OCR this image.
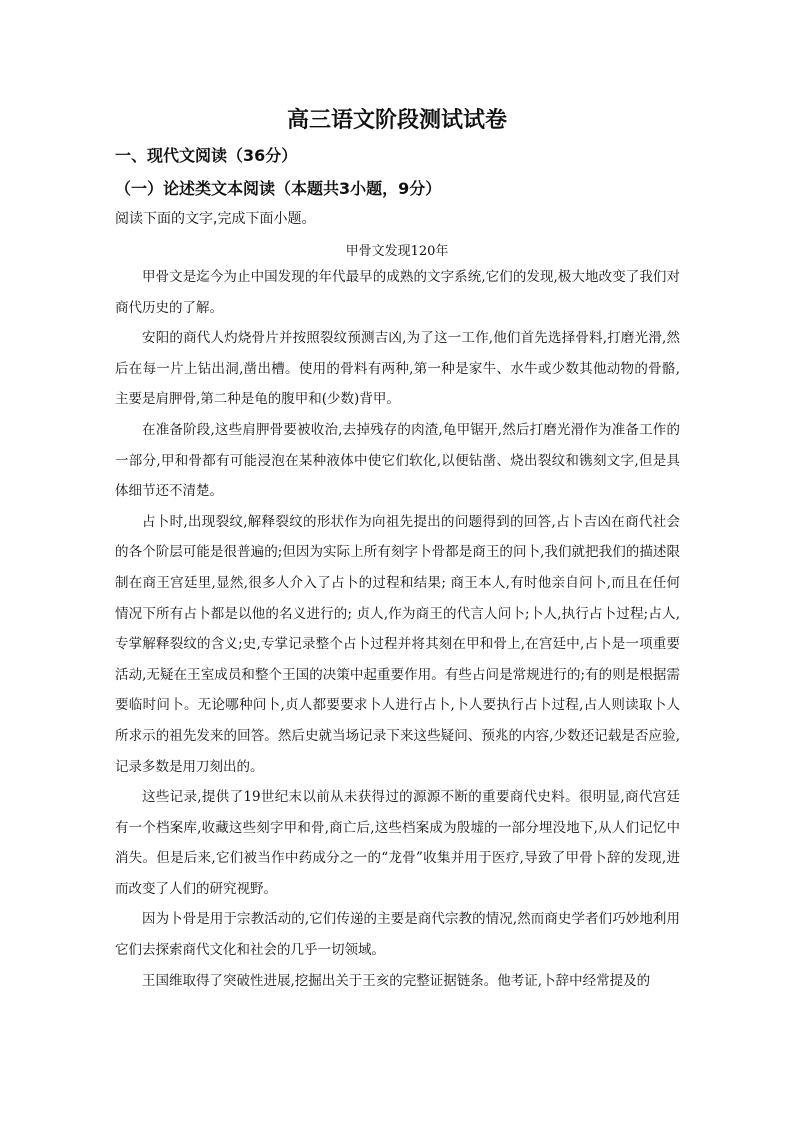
高三语文阶段测试试卷
一、现代文阅读（36分）
（一）论述类文本阅读（本题共3小题，9分）
阅读下面的文字,完成下面小题。
甲骨文发现120年

甲骨文是迄今为止中国发现的年代最早的成熟的文字系统,它们的发现,极大地改变了我们对商代历史的了解。

安阳的商代人灼烧骨片并按照裂纹预测吉凶,为了这一工作,他们首先选择骨料,打磨光滑,然后在每一片上钻出洞,凿出槽。使用的骨料有两种,第一种是家牛、水牛或少数其他动物的骨骼,主要是肩胛骨,第二种是龟的腹甲和(少数)背甲。

在准备阶段,这些肩胛骨要被收治,去掉残存的肉渣,龟甲锯开,然后打磨光滑作为准备工作的一部分,甲和骨都有可能浸泡在某种液体中使它们软化,以便钻凿、烧出裂纹和镌刻文字,但是具体细节还不清楚。

占卜时,出现裂纹,解释裂纹的形状作为向祖先提出的问题得到的回答,占卜吉凶在商代社会的各个阶层可能是很普遍的;但因为实际上所有刻字卜骨都是商王的问卜,我们就把我们的描述限制在商王宫廷里,显然,很多人介入了占卜的过程和结果; 商王本人,有时他亲自问卜,而且在任何情况下所有占卜都是以他的名义进行的; 贞人,作为商王的代言人问卜;卜人,执行占卜过程;占人,专掌解释裂纹的含义;史,专掌记录整个占卜过程并将其刻在甲和骨上,在宫廷中,占卜是一项重要活动,无疑在王室成员和整个王国的决策中起重要作用。有些占问是常规进行的;有的则是根据需要临时问卜。无论哪种问卜,贞人都要要求卜人进行占卜,卜人要执行占卜过程,占人则读取卜人所求示的祖先发来的回答。然后史就当场记录下来这些疑问、预兆的内容,少数还记载是否应验,记录多数是用刀刻出的。

这些记录,提供了19世纪末以前从未获得过的源源不断的重要商代史料。很明显,商代宫廷有一个档案库,收藏这些刻字甲和骨,商亡后,这些档案成为殷墟的一部分埋没地下,从人们记忆中消失。但是后来,它们被当作中药成分之一的“龙骨”收集并用于医疗,导致了甲骨卜辞的发现,进而改变了人们的研究视野。

因为卜骨是用于宗教活动的,它们传递的主要是商代宗教的情况,然而商史学者们巧妙地利用它们去探索商代文化和社会的几乎一切领域。

王国维取得了突破性进展,挖掘出关于王亥的完整证据链条。他考证,卜辞中经常提及的
